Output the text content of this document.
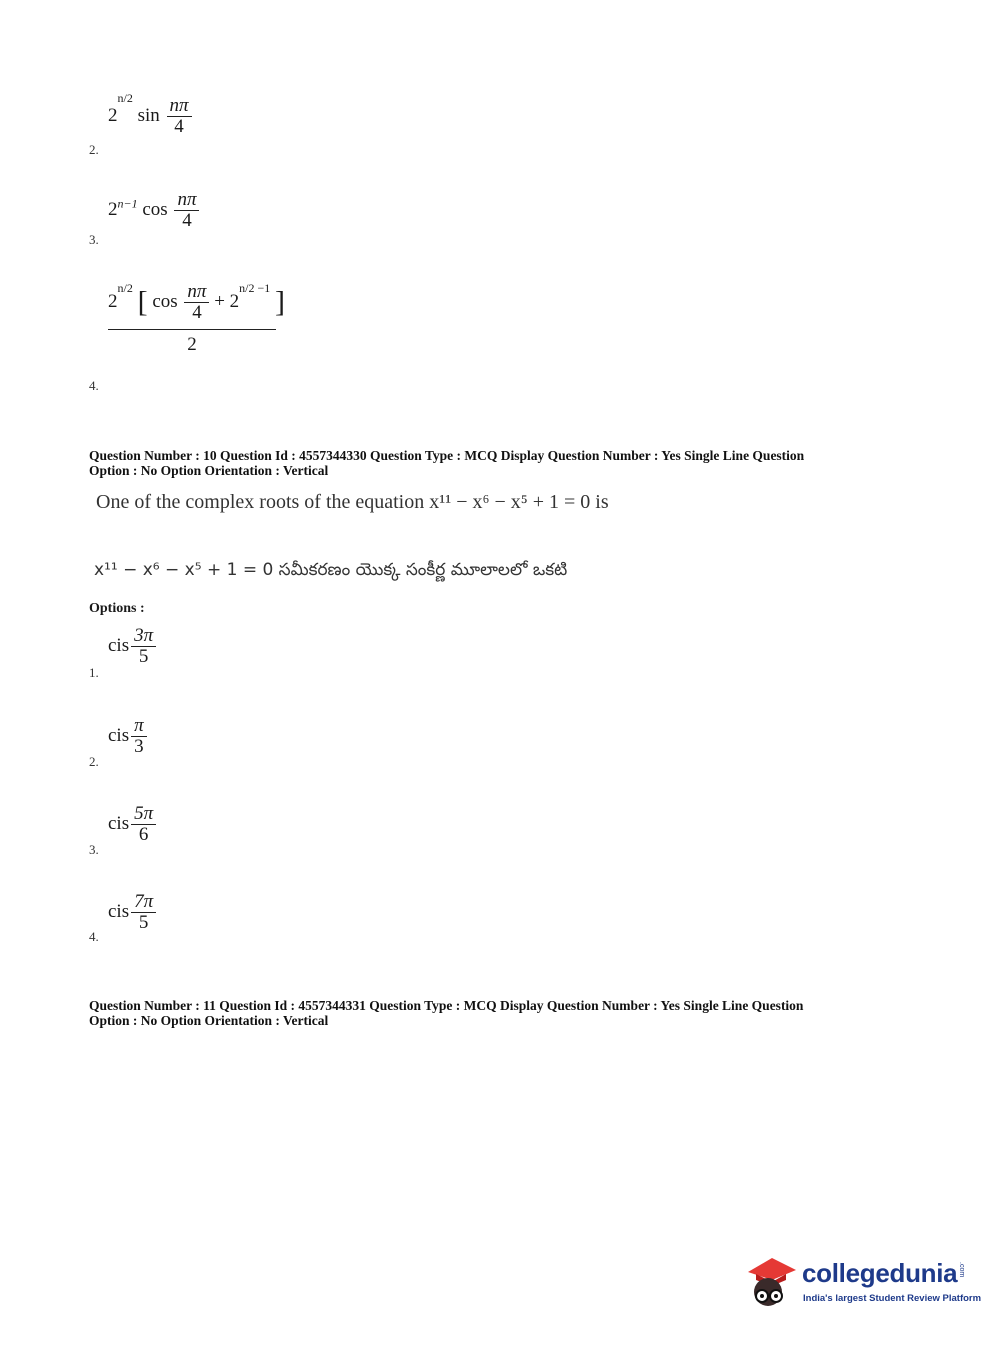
$2^{n/2}$ $\sin \frac{n\pi}{4}$
2.
$2^{n-1}$ $\cos \frac{n\pi}{4}$
3.
$2^{n/2}$ [ $\cos \frac{n\pi}{4} + 2^{n/2 -1}$ ]
2
4.
Question Number : 10 Question Id : 4557344330 Question Type : MCQ Display Question Number : Yes Single Line Question
Option : No Option Orientation : Vertical
One of the complex roots of the equation x¹¹ − x⁶ − x⁵ + 1 = 0 is
x¹¹ − x⁶ − x⁵ + 1 = 0 సమీకరణం యొక్క సంకీర్ణ మూలాలలో ఒకటి
Options :
cis $\frac{3\pi}{5}$
1.
cis $\frac{\pi}{3}$
2.
cis $\frac{5\pi}{6}$
3.
cis $\frac{7\pi}{5}$
4.
Question Number : 11 Question Id : 4557344331 Question Type : MCQ Display Question Number : Yes Single Line Question
Option : No Option Orientation : Vertical
collegedunia .com
India's largest Student Review Platform
